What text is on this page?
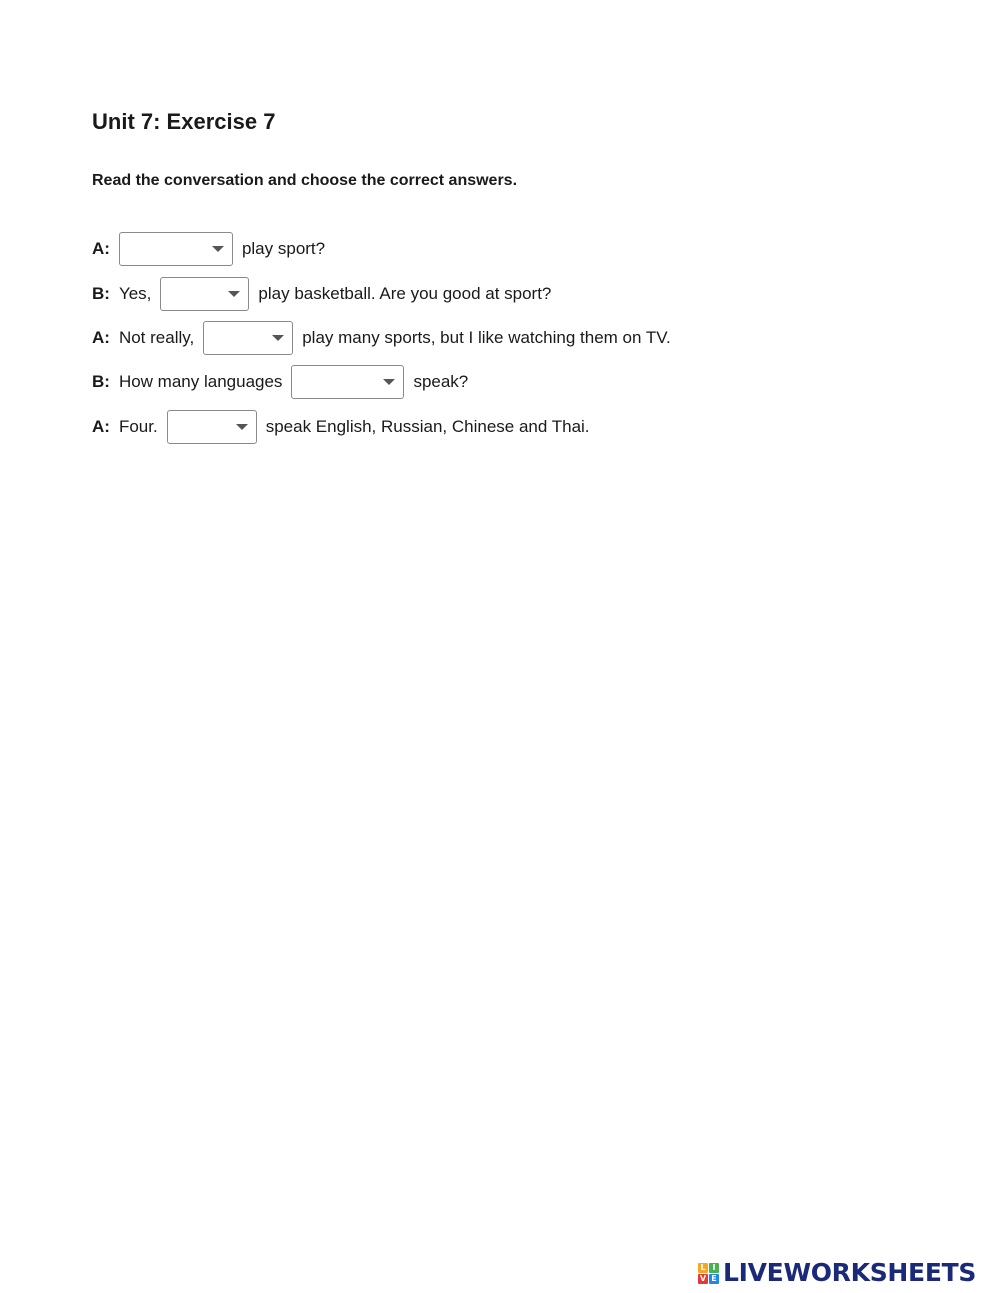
Unit 7: Exercise 7

Read the conversation and choose the correct answers.

A:	play sport?
B: Yes,	play basketball. Are you good at sport?
A: Not really,	play many sports, but I like watching them on TV.
B: How many languages	speak?
A: Four.	speak English, Russian, Chinese and Thai.
L I
V E LIVEWORKSHEETS
